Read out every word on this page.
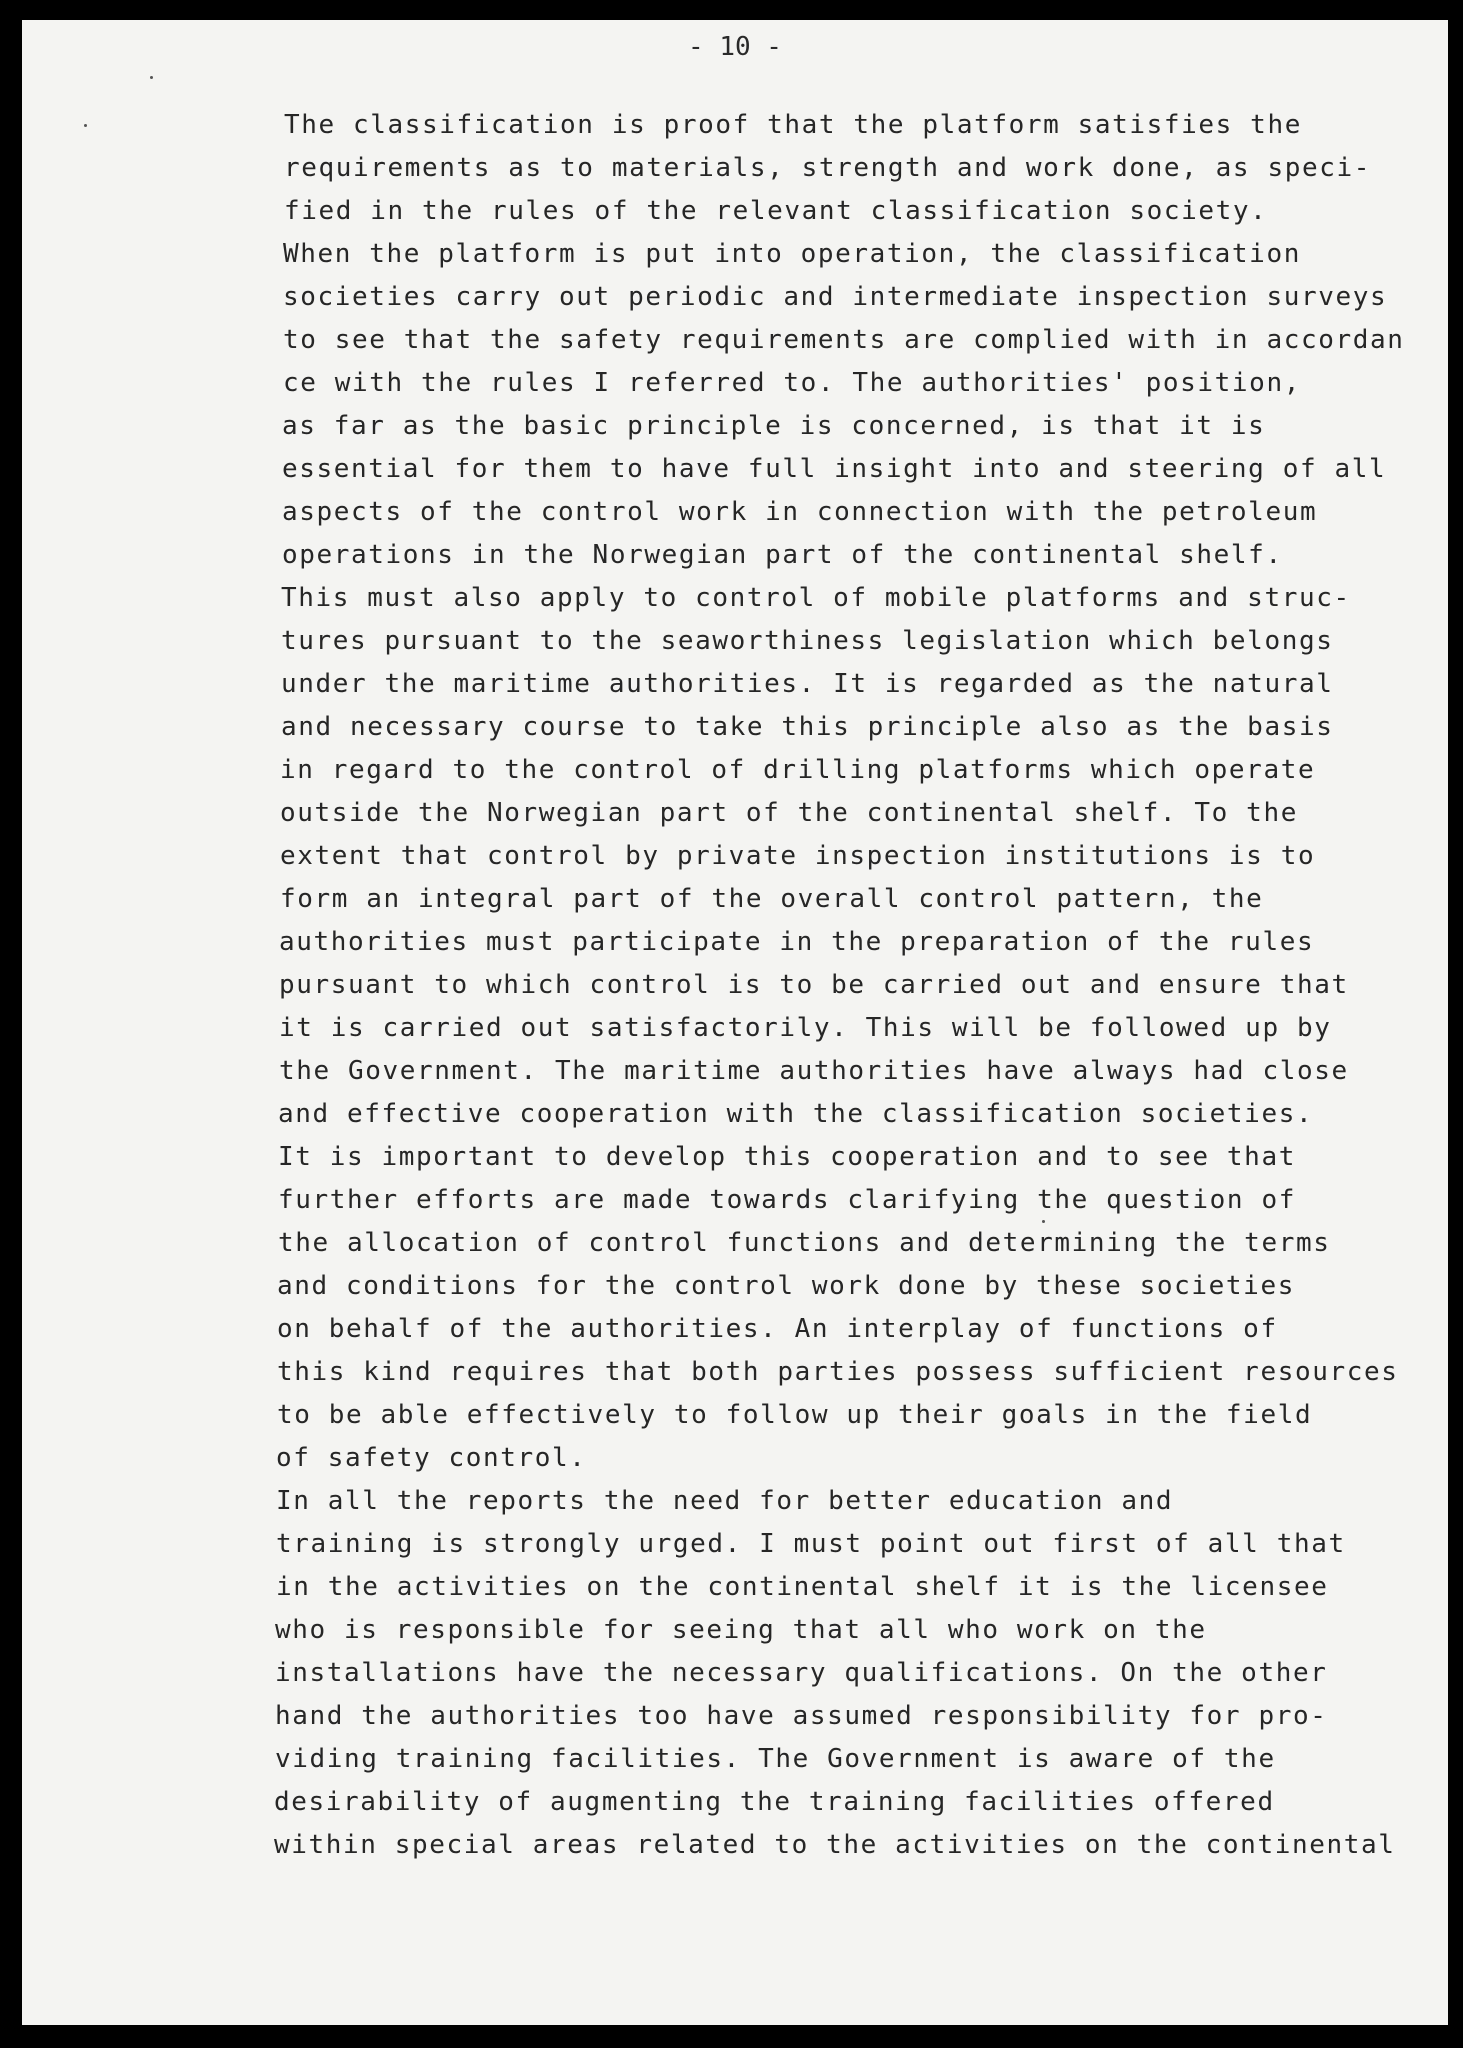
- 10 -
The classification is proof that the platform satisfies the
requirements as to materials, strength and work done, as speci-
fied in the rules of the relevant classification society.
When the platform is put into operation, the classification
societies carry out periodic and intermediate inspection surveys
to see that the safety requirements are complied with in accordan
ce with the rules I referred to. The authorities' position,
as far as the basic principle is concerned, is that it is
essential for them to have full insight into and steering of all
aspects of the control work in connection with the petroleum
operations in the Norwegian part of the continental shelf.
This must also apply to control of mobile platforms and struc-
tures pursuant to the seaworthiness legislation which belongs
under the maritime authorities. It is regarded as the natural
and necessary course to take this principle also as the basis
in regard to the control of drilling platforms which operate
outside the Norwegian part of the continental shelf. To the
extent that control by private inspection institutions is to
form an integral part of the overall control pattern, the
authorities must participate in the preparation of the rules
pursuant to which control is to be carried out and ensure that
it is carried out satisfactorily. This will be followed up by
the Government. The maritime authorities have always had close
and effective cooperation with the classification societies.
It is important to develop this cooperation and to see that
further efforts are made towards clarifying the question of
the allocation of control functions and determining the terms
and conditions for the control work done by these societies
on behalf of the authorities. An interplay of functions of
this kind requires that both parties possess sufficient resources
to be able effectively to follow up their goals in the field
of safety control.
In all the reports the need for better education and
training is strongly urged. I must point out first of all that
in the activities on the continental shelf it is the licensee
who is responsible for seeing that all who work on the
installations have the necessary qualifications. On the other
hand the authorities too have assumed responsibility for pro-
viding training facilities. The Government is aware of the
desirability of augmenting the training facilities offered
within special areas related to the activities on the continental
